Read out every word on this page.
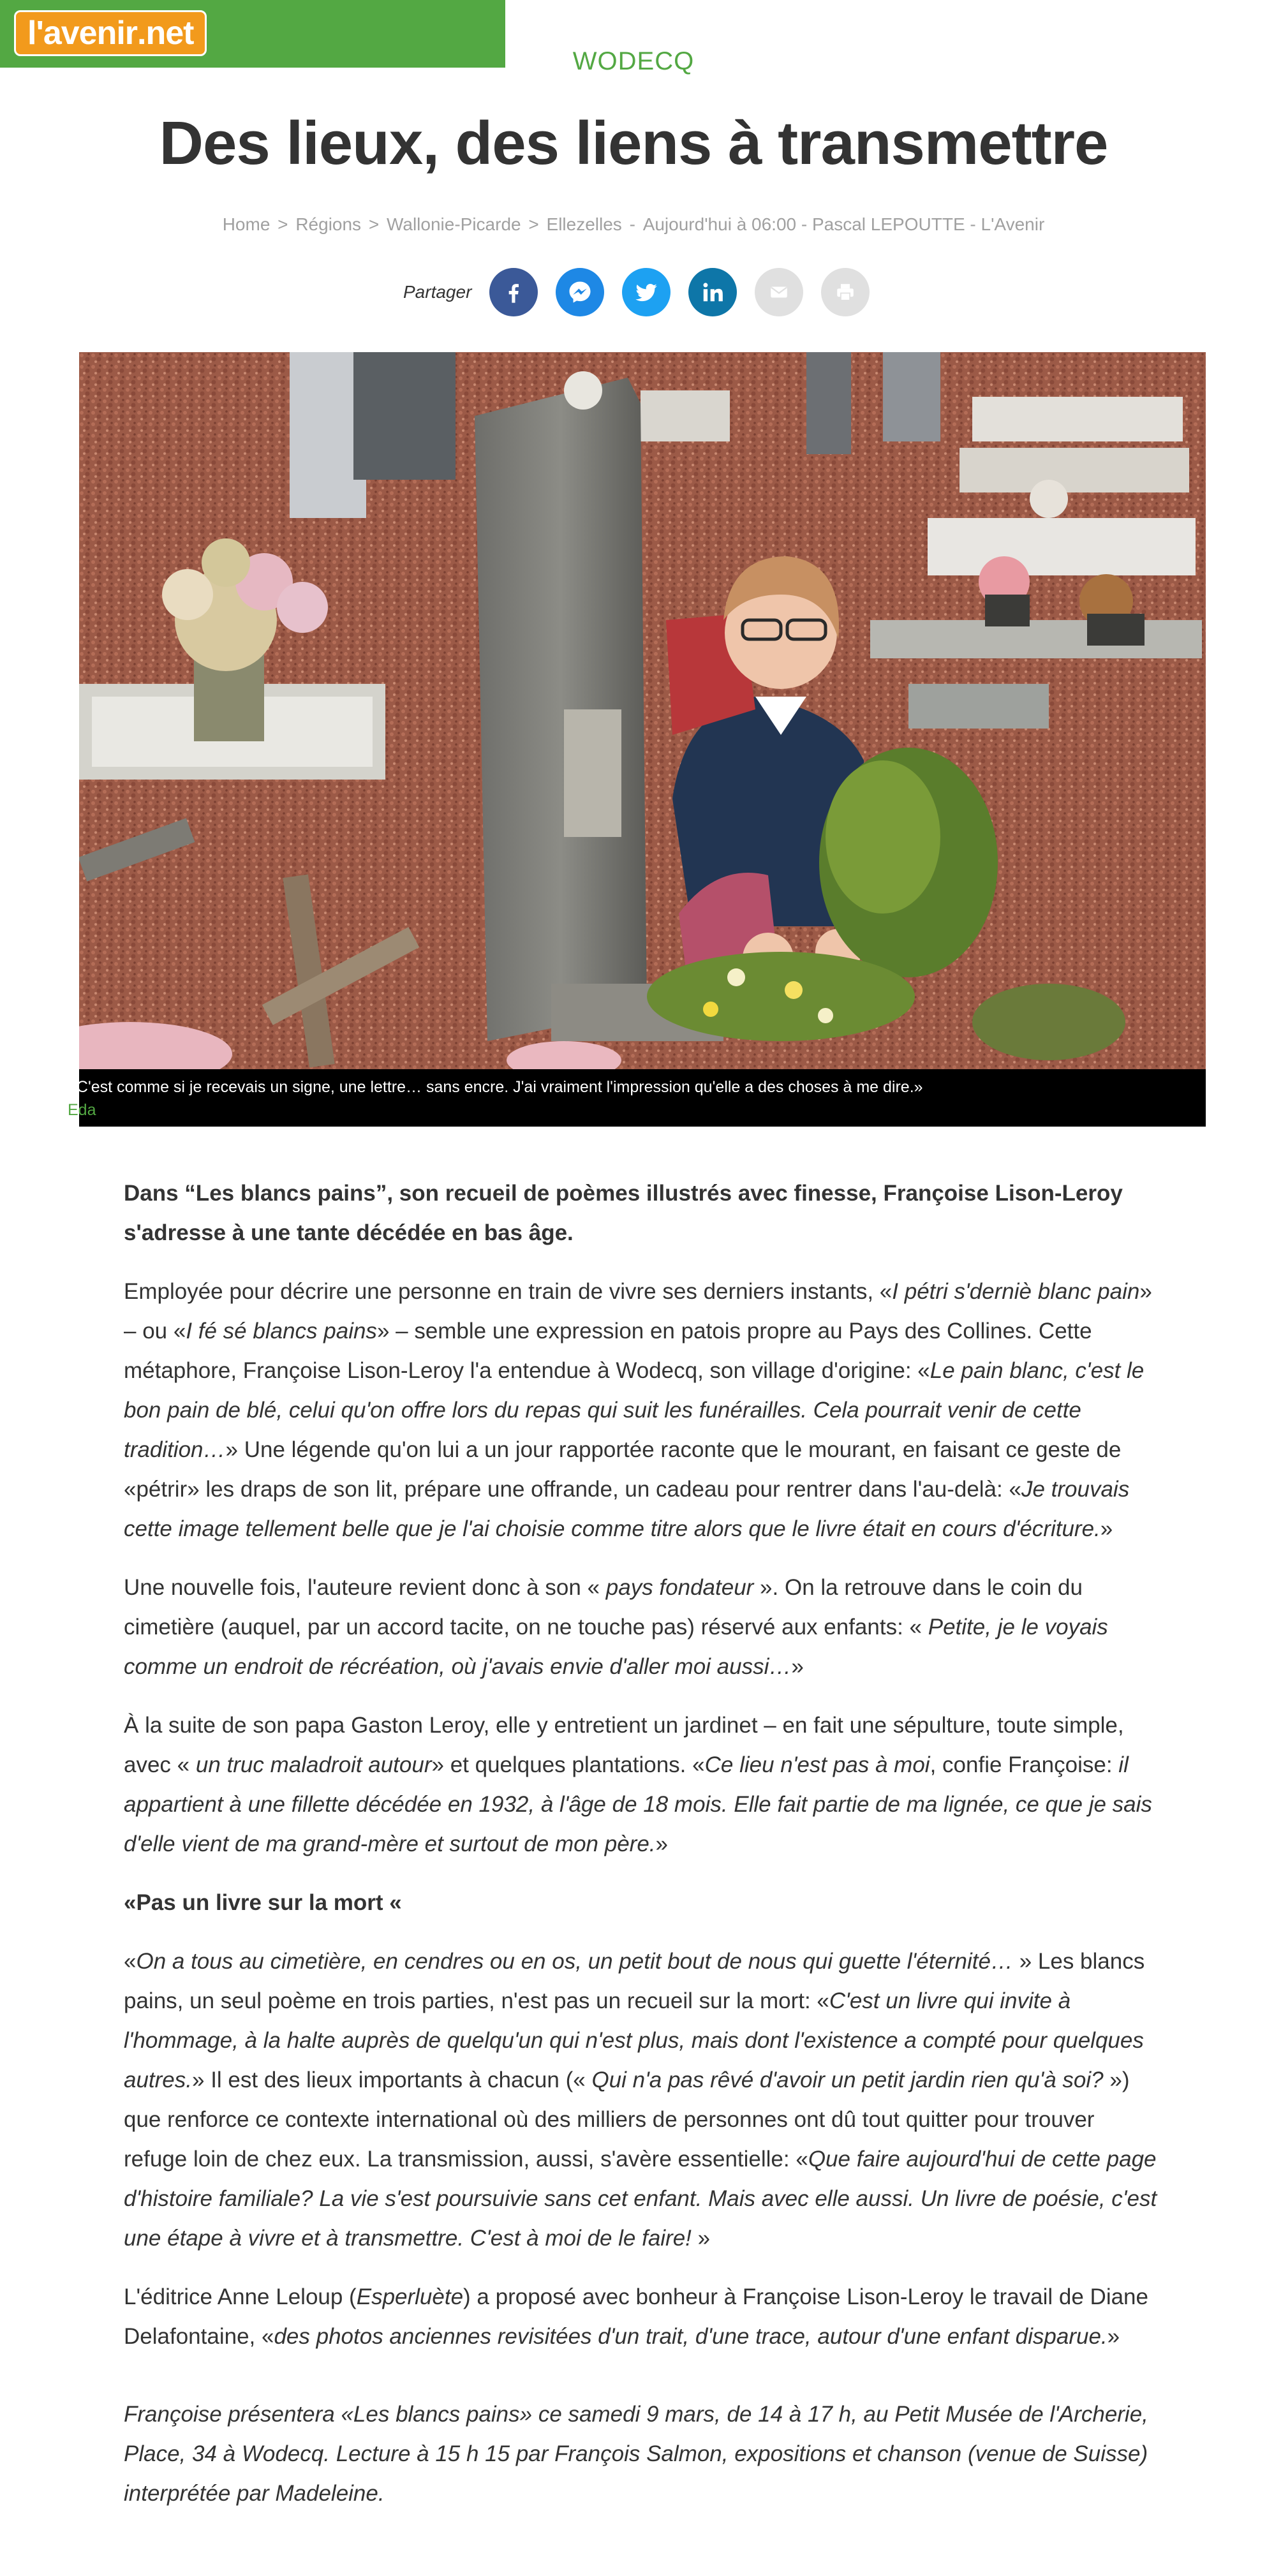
l'avenir .net
WODECQ
Des lieux, des liens à transmettre
Home > Régions > Wallonie-Picarde > Ellezelles - Aujourd'hui à 06:00 - Pascal LEPOUTTE - L'Avenir
Partager
«C'est comme si je recevais un signe, une lettre… sans encre. J'ai vraiment l'impression qu'elle a des choses à me dire.»
Eda

Dans “Les blancs pains”, son recueil de poèmes illustrés avec finesse, Françoise Lison-Leroy s'adresse à une tante décédée en bas âge.

Employée pour décrire une personne en train de vivre ses derniers instants, «I pétri s'derniè blanc pain» – ou «I fé sé blancs pains» – semble une expression en patois propre au Pays des Collines. Cette métaphore, Françoise Lison-Leroy l'a entendue à Wodecq, son village d'origine: «Le pain blanc, c'est le bon pain de blé, celui qu'on offre lors du repas qui suit les funérailles. Cela pourrait venir de cette tradition…» Une légende qu'on lui a un jour rapportée raconte que le mourant, en faisant ce geste de «pétrir» les draps de son lit, prépare une offrande, un cadeau pour rentrer dans l'au-delà: «Je trouvais cette image tellement belle que je l'ai choisie comme titre alors que le livre était en cours d'écriture.»

Une nouvelle fois, l'auteure revient donc à son « pays fondateur ». On la retrouve dans le coin du cimetière (auquel, par un accord tacite, on ne touche pas) réservé aux enfants: « Petite, je le voyais comme un endroit de récréation, où j'avais envie d'aller moi aussi…»

À la suite de son papa Gaston Leroy, elle y entretient un jardinet – en fait une sépulture, toute simple, avec « un truc maladroit autour» et quelques plantations. «Ce lieu n'est pas à moi, confie Françoise: il appartient à une fillette décédée en 1932, à l'âge de 18 mois. Elle fait partie de ma lignée, ce que je sais d'elle vient de ma grand-mère et surtout de mon père.»

«Pas un livre sur la mort «

«On a tous au cimetière, en cendres ou en os, un petit bout de nous qui guette l'éternité… » Les blancs pains, un seul poème en trois parties, n'est pas un recueil sur la mort: «C'est un livre qui invite à l'hommage, à la halte auprès de quelqu'un qui n'est plus, mais dont l'existence a compté pour quelques autres.» Il est des lieux importants à chacun (« Qui n'a pas rêvé d'avoir un petit jardin rien qu'à soi? ») que renforce ce contexte international où des milliers de personnes ont dû tout quitter pour trouver refuge loin de chez eux. La transmission, aussi, s'avère essentielle: «Que faire aujourd'hui de cette page d'histoire familiale? La vie s'est poursuivie sans cet enfant. Mais avec elle aussi. Un livre de poésie, c'est une étape à vivre et à transmettre. C'est à moi de le faire! »

L'éditrice Anne Leloup (Esperluète) a proposé avec bonheur à Françoise Lison-Leroy le travail de Diane Delafontaine, «des photos anciennes revisitées d'un trait, d'une trace, autour d'une enfant disparue.»

Françoise présentera «Les blancs pains» ce samedi 9 mars, de 14 à 17 h, au Petit Musée de l'Archerie, Place, 34 à Wodecq. Lecture à 15 h 15 par François Salmon, expositions et chanson (venue de Suisse) interprétée par Madeleine.
